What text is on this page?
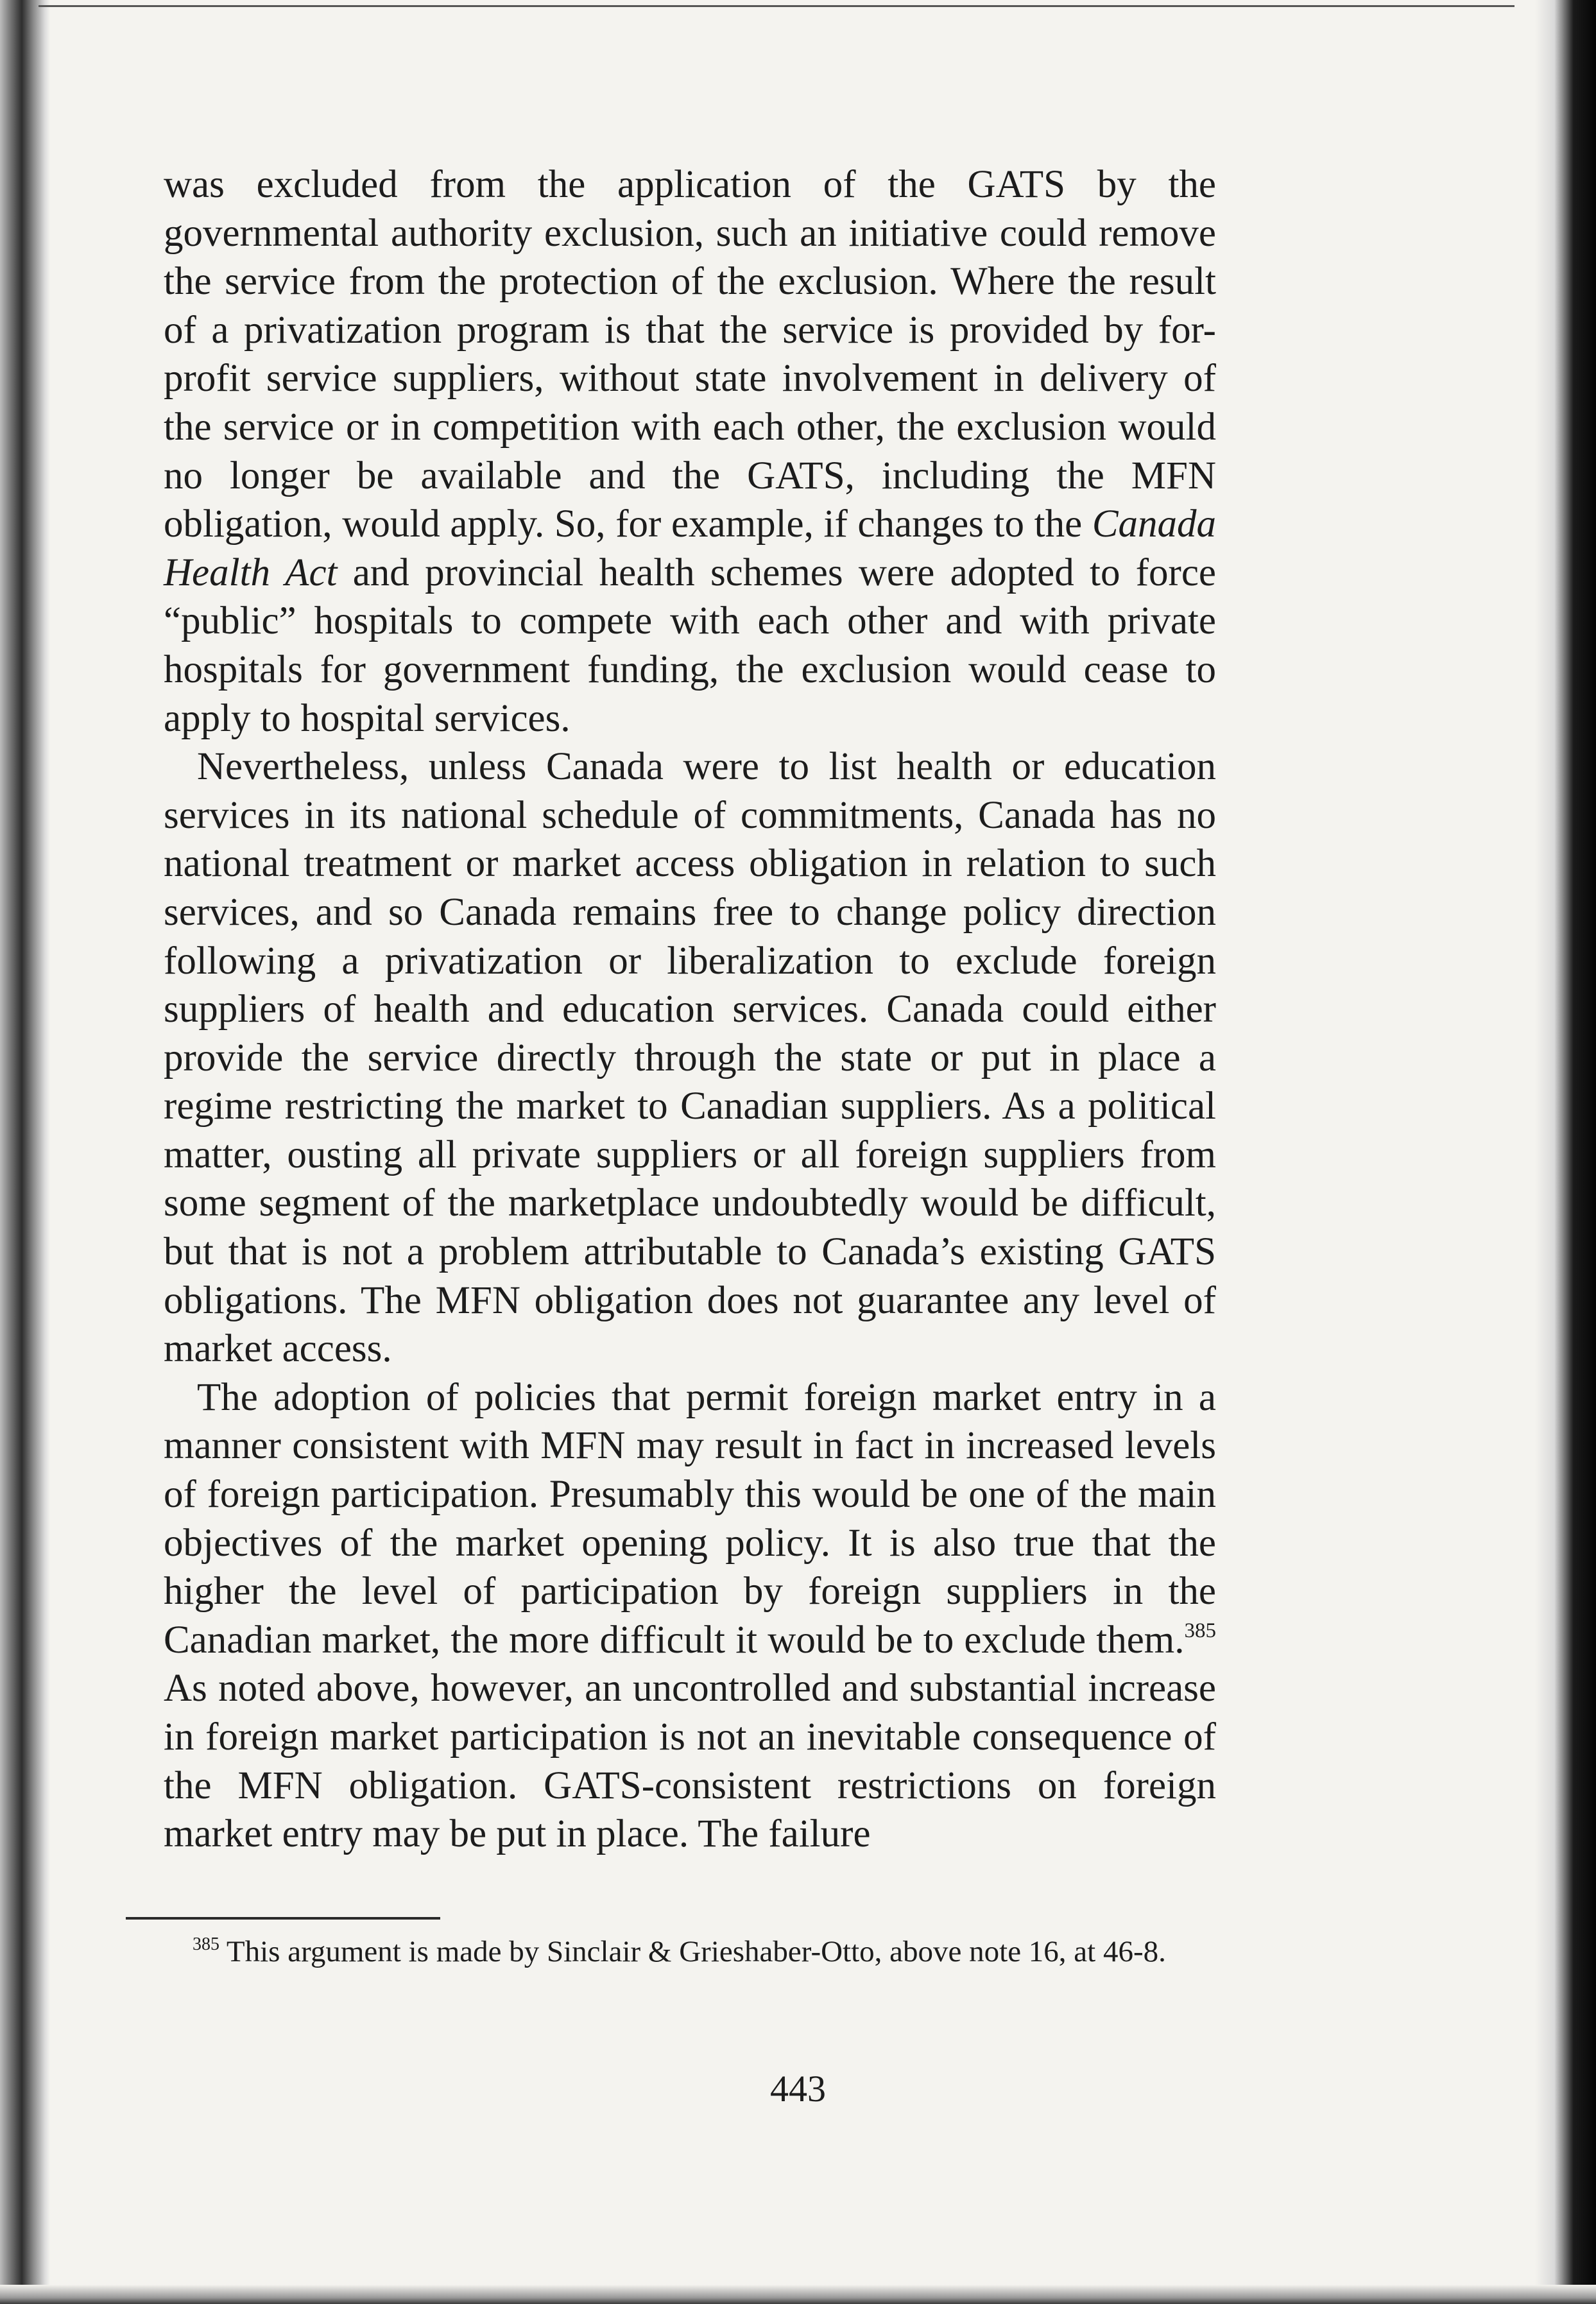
was excluded from the application of the GATS by the governmental authority exclusion, such an initiative could remove the service from the protection of the exclusion. Where the result of a privatization program is that the service is provided by for-profit service suppliers, without state involvement in delivery of the service or in competition with each other, the exclusion would no longer be available and the GATS, including the MFN obligation, would apply. So, for example, if changes to the Canada Health Act and provincial health schemes were adopted to force “public” hospitals to compete with each other and with private hospitals for government funding, the exclusion would cease to apply to hospital services.

Nevertheless, unless Canada were to list health or education services in its national schedule of commitments, Canada has no national treatment or market access obligation in relation to such services, and so Canada remains free to change policy direction following a privatization or liberalization to exclude foreign suppliers of health and education services. Canada could either provide the service directly through the state or put in place a regime restricting the market to Canadian suppliers. As a political matter, ousting all private suppliers or all foreign suppliers from some segment of the marketplace undoubtedly would be difficult, but that is not a problem attributable to Canada’s existing GATS obligations. The MFN obligation does not guarantee any level of market access.

The adoption of policies that permit foreign market entry in a manner consistent with MFN may result in fact in increased levels of foreign participation. Presumably this would be one of the main objectives of the market opening policy. It is also true that the higher the level of participation by foreign suppliers in the Canadian market, the more difficult it would be to exclude them.$^{385}$ As noted above, however, an uncontrolled and substantial increase in foreign market participation is not an inevitable consequence of the MFN obligation. GATS-consistent restrictions on foreign market entry may be put in place. The failure

$^{385}$ This argument is made by Sinclair & Grieshaber-Otto, above note 16, at 46-8.

443
